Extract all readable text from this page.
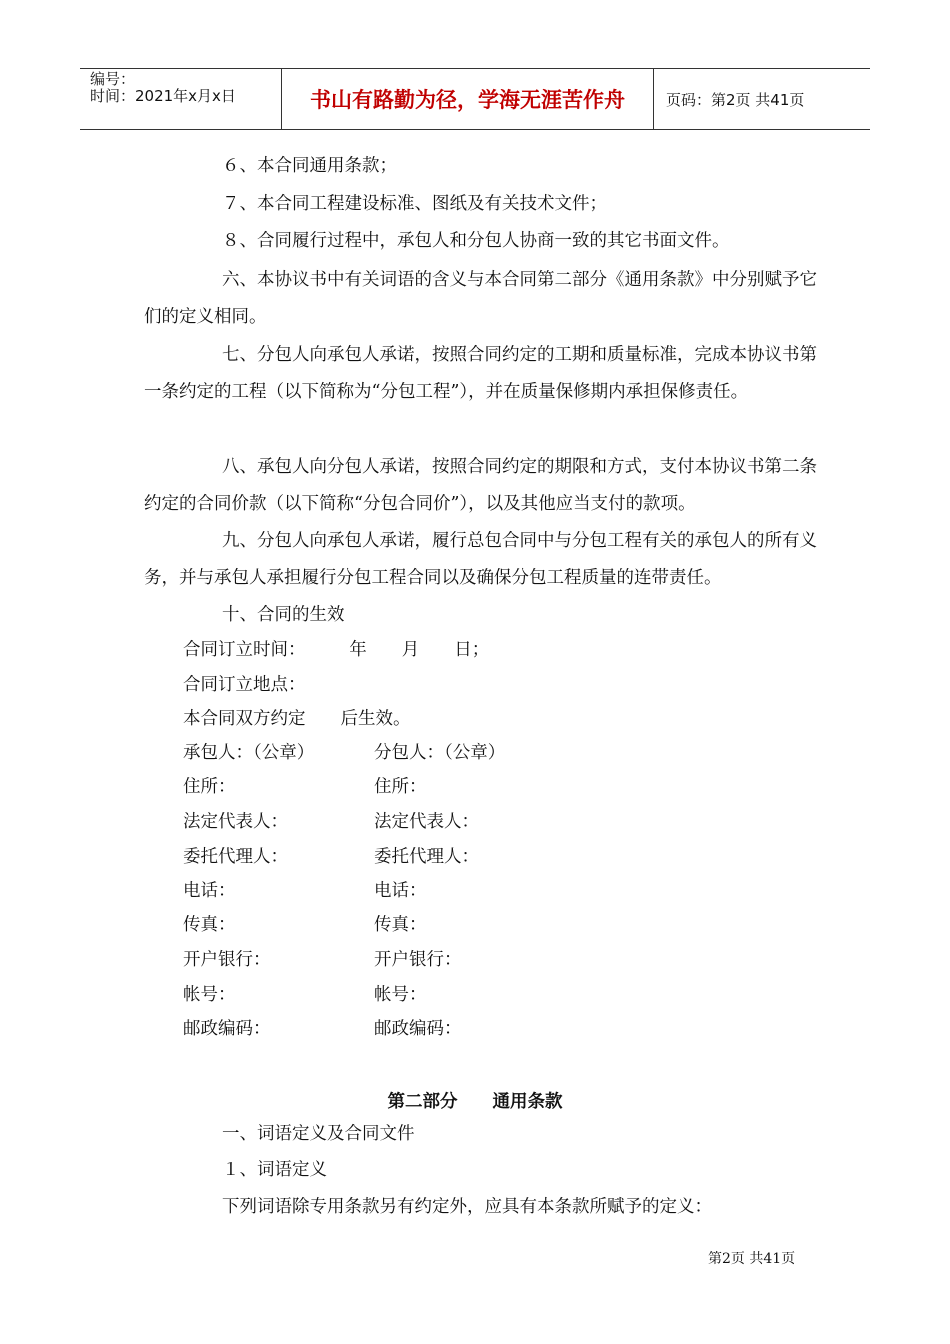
编号：
时间：2021年x月x日	书山有路勤为径，学海无涯苦作舟	页码：第2页 共41页
６、本合同通用条款；
７、本合同工程建设标准、图纸及有关技术文件；
８、合同履行过程中，承包人和分包人协商一致的其它书面文件。

六、本协议书中有关词语的含义与本合同第二部分《通用条款》中分别赋予它们的定义相同。

七、分包人向承包人承诺，按照合同约定的工期和质量标准，完成本协议书第一条约定的工程（以下简称为“分包工程”），并在质量保修期内承担保修责任。

八、承包人向分包人承诺，按照合同约定的期限和方式，支付本协议书第二条约定的合同价款（以下简称“分包合同价”），以及其他应当支付的款项。

九、分包人向承包人承诺，履行总包合同中与分包工程有关的承包人的所有义务，并与承包人承担履行分包工程合同以及确保分包工程质量的连带责任。

十、合同的生效
合同订立时间：　　　年　　月　　日；
合同订立地点：
本合同双方约定　　后生效。
承包人：（公章）	分包人：（公章）
住所：	住所：
法定代表人：	法定代表人：
委托代理人：	委托代理人：
电话：	电话：
传真：	传真：
开户银行：	开户银行：
帐号：	帐号：
邮政编码：	邮政编码：
第二部分　　通用条款
一、词语定义及合同文件
１、词语定义
下列词语除专用条款另有约定外，应具有本条款所赋予的定义：
第2页 共41页
